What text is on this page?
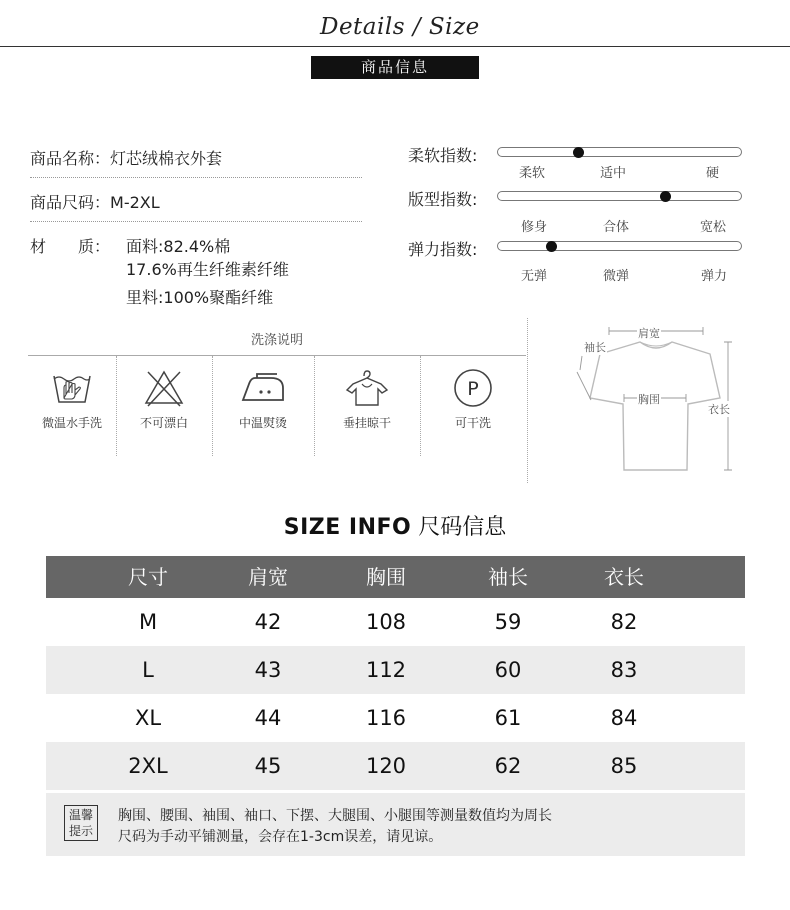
Details / Size
商品信息
商品名称：灯芯绒棉衣外套
商品尺码：M-2XL
材　　质： 面料:82.4%棉
17.6%再生纤维素纤维
里料:100%聚酯纤维
柔软指数:
柔软	适中	硬
版型指数:
修身	合体	宽松
弹力指数:
无弹	微弹	弹力
洗涤说明
微温水手洗	不可漂白	中温熨烫	垂挂晾干
P
可干洗
肩宽
袖长
胸围
衣长
SIZE INFO 尺码信息
尺寸	肩宽	胸围	袖长	衣长
M	42	108	59	82
L	43	112	60	83
XL	44	116	61	84
2XL	45	120	62	85
温馨
提示
胸围、腰围、袖围、袖口、下摆、大腿围、小腿围等测量数值均为周长
尺码为手动平铺测量，会存在1-3cm误差，请见谅。
